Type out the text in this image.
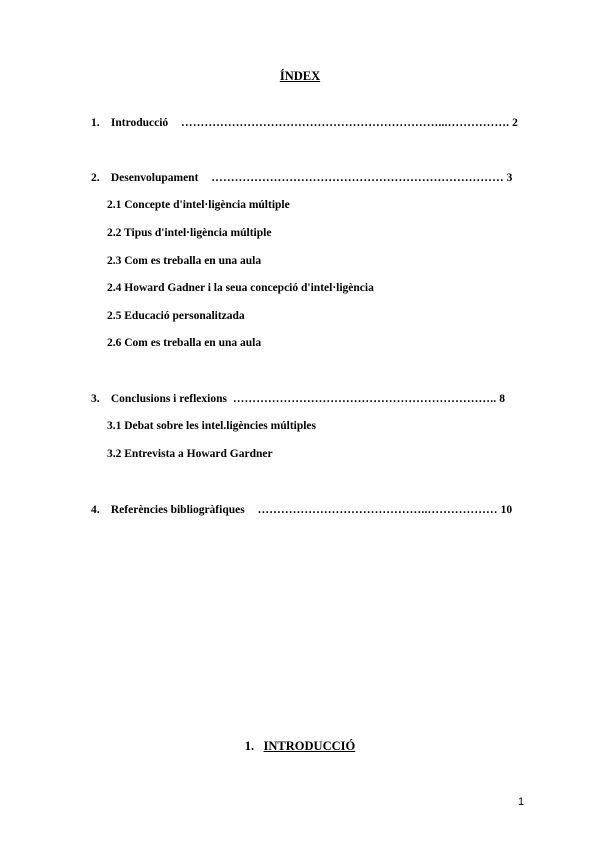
ÍNDEX
1. Introducció …………………………………………………………...……………. 2
2. Desenvolupament ………………………………………………………………… 3
2.1 Concepte d'intel·ligència múltiple
2.2 Tipus d'intel·ligència múltiple
2.3 Com es treballa en una aula
2.4 Howard Gadner i la seua concepció d'intel·ligència
2.5 Educació personalitzada
2.6 Com es treballa en una aula
3. Conclusions i reflexions ………………………………………………………….. 8
3.1 Debat sobre les intel.ligències múltiples
3.2 Entrevista a Howard Gardner
4. Referències bibliogràfiques ……………………………………..……………… 10
1. INTRODUCCIÓ
1
